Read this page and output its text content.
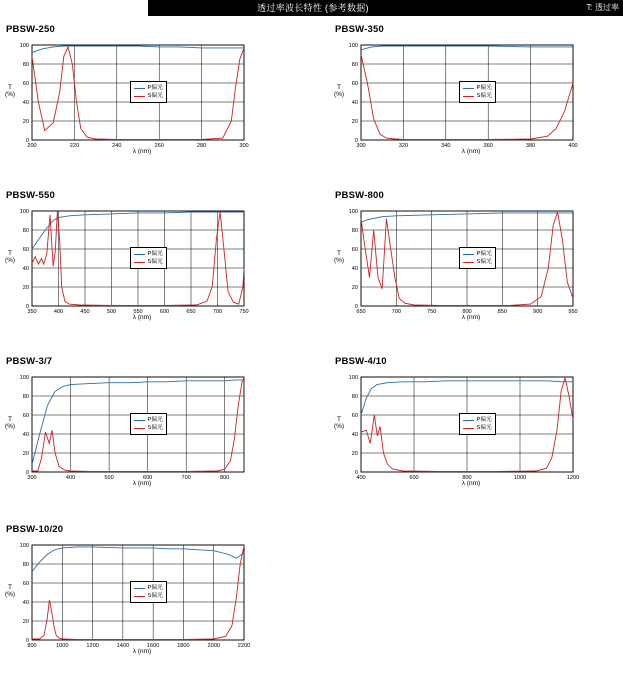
透过率波长特性 (参考数据)	T: 透过率
PBSW-250
0
20
40
60
80
100
200	220	240	260	280	300
T
(%)
λ (nm)
P偏光
S偏光
PBSW-350
0
20
40
60
80
100
300	320	340	360	380	400
T
(%)
λ (nm)
P偏光
S偏光
PBSW-550
0
20
40
60
80
100
350	400	450	500	550	600	650	700	750
T
(%)
λ (nm)
P偏光
S偏光
PBSW-800
0
20
40
60
80
100
650	700	750	800	850	900	950
T
(%)
λ (nm)
P偏光
S偏光
PBSW-3/7
0
20
40
60
80
100
300	400	500	600	700	800
T
(%)
λ (nm)
P偏光
S偏光
PBSW-4/10
0
20
40
60
80
100
400	600	800	1000	1200
T
(%)
λ (nm)
P偏光
S偏光
PBSW-10/20
0
20
40
60
80
100
800	1000	1200	1400	1600	1800	2000	2200
T
(%)
λ (nm)
P偏光
S偏光
